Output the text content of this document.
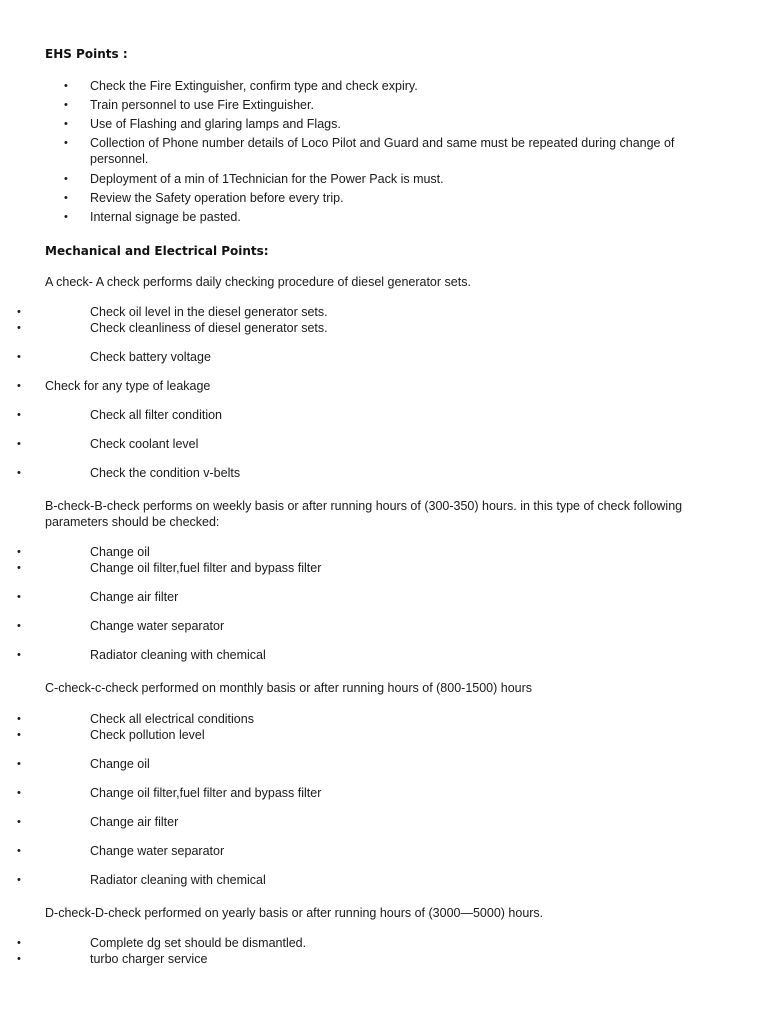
EHS Points :
• Check the Fire Extinguisher, confirm type and check expiry.
• Train personnel to use Fire Extinguisher.
• Use of Flashing and glaring lamps and Flags.
• Collection of Phone number details of Loco Pilot and Guard and same must be repeated during change of personnel.
• Deployment of a min of 1Technician for the Power Pack is must.
• Review the Safety operation before every trip.
• Internal signage be pasted.
Mechanical and Electrical Points:
A check- A check performs daily checking procedure of diesel generator sets.
•	Check oil level in the diesel generator sets.
•	Check cleanliness of diesel generator sets.
•	Check battery voltage
• Check for any type of leakage
•	Check all filter condition
•	Check coolant level
•	Check the condition v-belts
B-check-B-check performs on weekly basis or after running hours of (300-350) hours. in this type of check following parameters should be checked:
•	Change oil
•	Change oil filter,fuel filter and bypass filter
•	Change air filter
•	Change water separator
•	Radiator cleaning with chemical
C-check-c-check performed on monthly basis or after running hours of (800-1500) hours
•	Check all electrical conditions
•	Check pollution level
•	Change oil
•	Change oil filter,fuel filter and bypass filter
•	Change air filter
•	Change water separator
•	Radiator cleaning with chemical
D-check-D-check performed on yearly basis or after running hours of (3000—5000) hours.
•	Complete dg set should be dismantled.
•	turbo charger service
